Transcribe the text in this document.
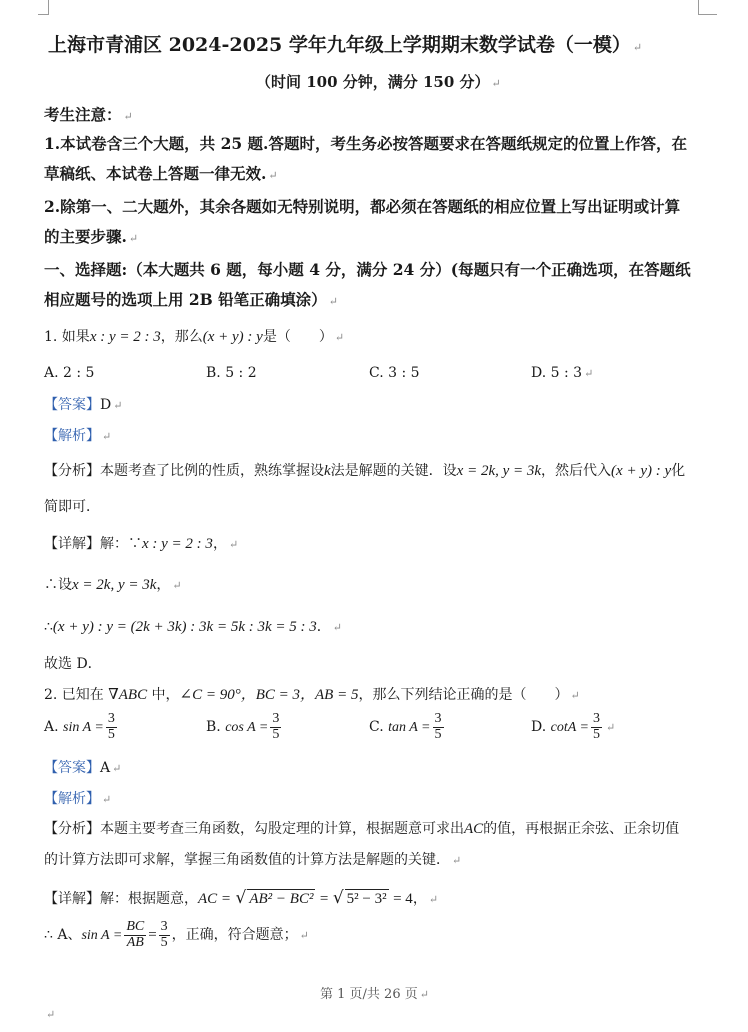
上海市青浦区 2024-2025 学年九年级上学期期末数学试卷（一模） ↵
（时间 100 分钟，满分 150 分） ↵
考生注意： ↵
1.本试卷含三个大题，共 25 题.答题时，考生务必按答题要求在答题纸规定的位置上作答，在
草稿纸、本试卷上答题一律无效. ↵
2.除第一、二大题外，其余各题如无特别说明，都必须在答题纸的相应位置上写出证明或计算
的主要步骤. ↵
一、选择题:（本大题共 6 题，每小题 4 分，满分 24 分）(每题只有一个正确选项，在答题纸
相应题号的选项上用 2B 铅笔正确填涂） ↵
1. 如果x : y = 2 : 3，那么(x + y) : y是（　　） ↵
A. 2 : 5	B. 5 : 2	C. 3 : 5	D. 5 : 3 ↵
【答案】D ↵
【解析】 ↵
【分析】本题考查了比例的性质，熟练掌握设k法是解题的关键．设x = 2k, y = 3k，然后代入(x + y) : y化
简即可．
【详解】解：∵x : y = 2 : 3， ↵
∴设x = 2k, y = 3k， ↵
∴(x + y) : y = (2k + 3k) : 3k = 5k : 3k = 5 : 3． ↵
故选 D．
2. 已知在 ∇ABC 中，∠C = 90°，BC = 3，AB = 5，那么下列结论正确的是（　　） ↵
A. $\sin A = \frac{3}{5}$	B. $\cos A = \frac{3}{5}$	C. $\tan A = \frac{3}{5}$	D. $\cot A = \frac{3}{5}$ ↵
【答案】A ↵
【解析】 ↵
【分析】本题主要考查三角函数，勾股定理的计算，根据题意可求出AC的值，再根据正余弦、正余切值
的计算方法即可求解，掌握三角函数值的计算方法是解题的关键． ↵
【详解】解：根据题意，AC = √ AB² − BC² = √ 5² − 3² = 4， ↵
∴ A、$\sin A = \frac{BC}{AB} = \frac{3}{5}$ ，正确，符合题意； ↵
第 1 页/共 26 页 ↵
↵
